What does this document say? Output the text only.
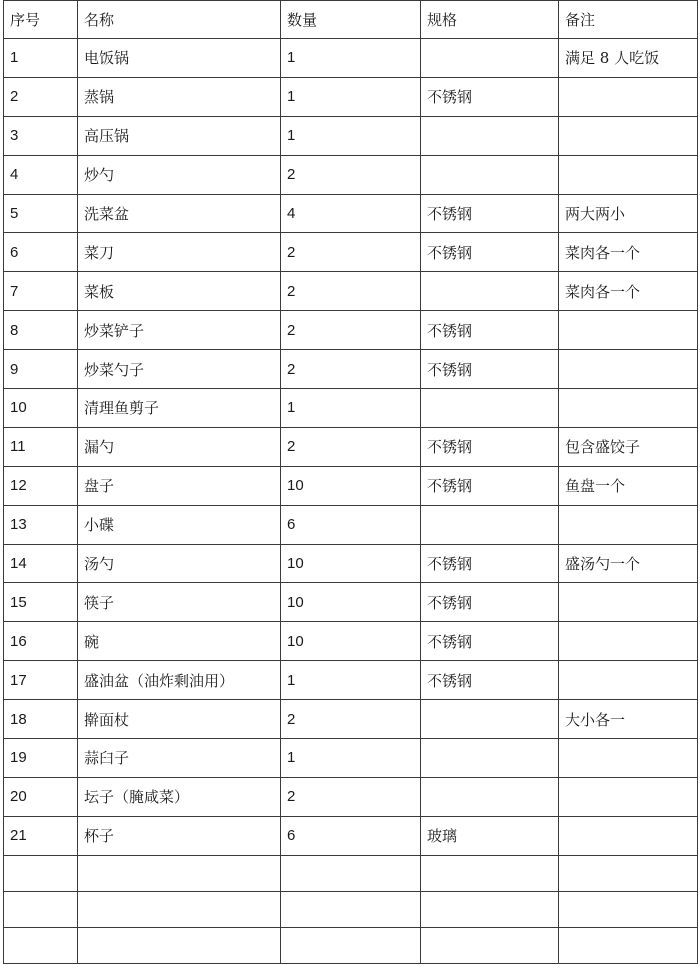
序号	名称	数量	规格	备注
1	电饭锅	1		满足 8 人吃饭
2	蒸锅	1	不锈钢	
3	高压锅	1		
4	炒勺	2		
5	洗菜盆	4	不锈钢	两大两小
6	菜刀	2	不锈钢	菜肉各一个
7	菜板	2		菜肉各一个
8	炒菜铲子	2	不锈钢	
9	炒菜勺子	2	不锈钢	
10	清理鱼剪子	1		
11	漏勺	2	不锈钢	包含盛饺子
12	盘子	10	不锈钢	鱼盘一个
13	小碟	6		
14	汤勺	10	不锈钢	盛汤勺一个
15	筷子	10	不锈钢	
16	碗	10	不锈钢	
17	盛油盆（油炸剩油用）	1	不锈钢	
18	擀面杖	2		大小各一
19	蒜臼子	1		
20	坛子（腌咸菜）	2		
21	杯子	6	玻璃	
